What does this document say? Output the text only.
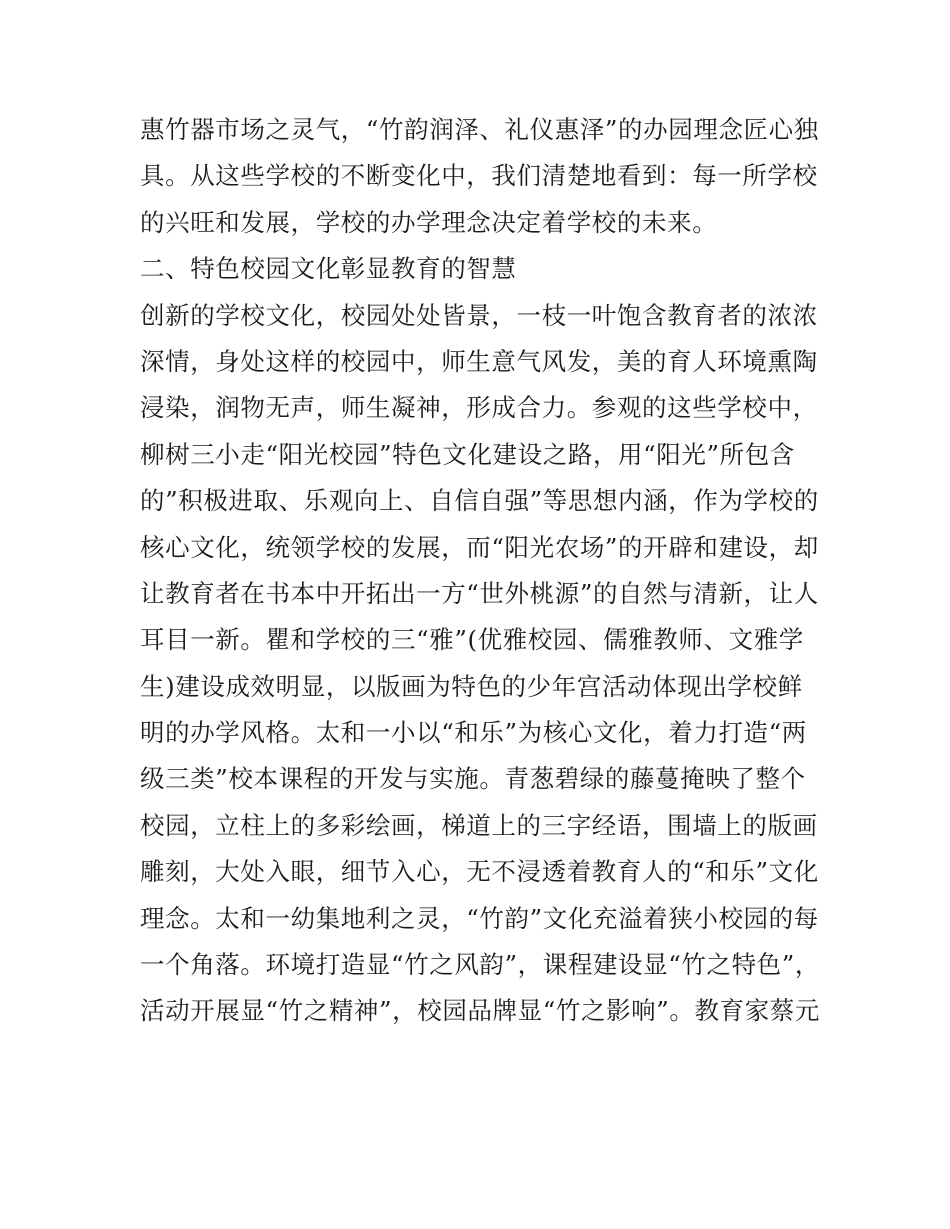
惠竹器市场之灵气，“竹韵润泽、礼仪惠泽”的办园理念匠心独
具。从这些学校的不断变化中，我们清楚地看到：每一所学校
的兴旺和发展，学校的办学理念决定着学校的未来。
二、特色校园文化彰显教育的智慧
创新的学校文化，校园处处皆景，一枝一叶饱含教育者的浓浓
深情，身处这样的校园中，师生意气风发，美的育人环境熏陶
浸染，润物无声，师生凝神，形成合力。参观的这些学校中，
柳树三小走“阳光校园”特色文化建设之路，用“阳光”所包含
的”积极进取、乐观向上、自信自强”等思想内涵，作为学校的
核心文化，统领学校的发展，而“阳光农场”的开辟和建设，却
让教育者在书本中开拓出一方“世外桃源”的自然与清新，让人
耳目一新。瞿和学校的三“雅”(优雅校园、儒雅教师、文雅学
生)建设成效明显，以版画为特色的少年宫活动体现出学校鲜
明的办学风格。太和一小以“和乐”为核心文化，着力打造“两
级三类”校本课程的开发与实施。青葱碧绿的藤蔓掩映了整个
校园，立柱上的多彩绘画，梯道上的三字经语，围墙上的版画
雕刻，大处入眼，细节入心，无不浸透着教育人的“和乐”文化
理念。太和一幼集地利之灵，“竹韵”文化充溢着狭小校园的每
一个角落。环境打造显“竹之风韵”，课程建设显“竹之特色”，
活动开展显“竹之精神”，校园品牌显“竹之影响”。教育家蔡元
